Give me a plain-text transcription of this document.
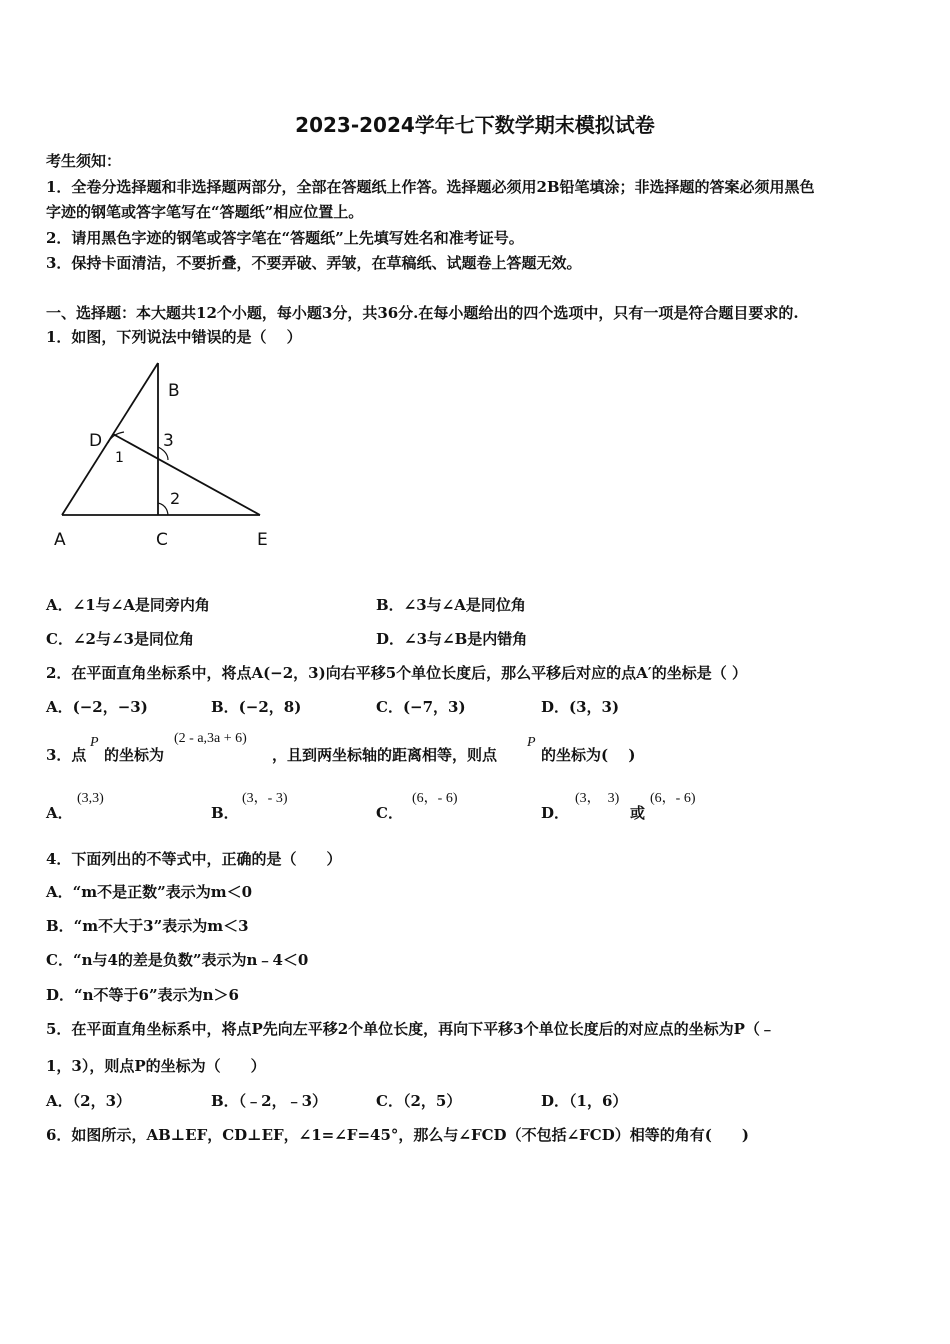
2023-2024学年七下数学期末模拟试卷
考生须知：
1．全卷分选择题和非选择题两部分，全部在答题纸上作答。选择题必须用2B铅笔填涂；非选择题的答案必须用黑色
字迹的钢笔或答字笔写在“答题纸”相应位置上。
2．请用黑色字迹的钢笔或答字笔在“答题纸”上先填写姓名和准考证号。
3．保持卡面清洁，不要折叠，不要弄破、弄皱，在草稿纸、试题卷上答题无效。
一、选择题：本大题共12个小题，每小题3分，共36分.在每小题给出的四个选项中，只有一项是符合题目要求的.
1．如图，下列说法中错误的是（　 ）
B
D
1
3
2
A	C	E
A．∠1与∠A是同旁内角	B．∠3与∠A是同位角
C．∠2与∠3是同位角	D．∠3与∠B是内错角
2．在平面直角坐标系中，将点A(−2，3)向右平移5个单位长度后，那么平移后对应的点A′的坐标是（ ）
A．(−2，−3)	B．(−2，8)	C．(−7，3)	D．(3，3)
3．点
P
的坐标为
(2 - a,3a + 6)
，且到两坐标轴的距离相等，则点
P
的坐标为(　 )
A．
(3,3)
B．
(3，- 3)
C．
(6，- 6)
D．
(3，　3)
或
(6，- 6)
4．下面列出的不等式中，正确的是（　　）
A．“m不是正数”表示为m＜0
B．“m不大于3”表示为m＜3
C．“n与4的差是负数”表示为n﹣4＜0
D．“n不等于6”表示为n＞6
5．在平面直角坐标系中，将点P先向左平移2个单位长度，再向下平移3个单位长度后的对应点的坐标为P（﹣
1，3），则点P的坐标为（　　）
A．（2，3）	B．（﹣2，﹣3）	C．（2，5）	D．（1，6）
6．如图所示，AB⊥EF，CD⊥EF，∠1=∠F=45°，那么与∠FCD（不包括∠FCD）相等的角有(　　)
